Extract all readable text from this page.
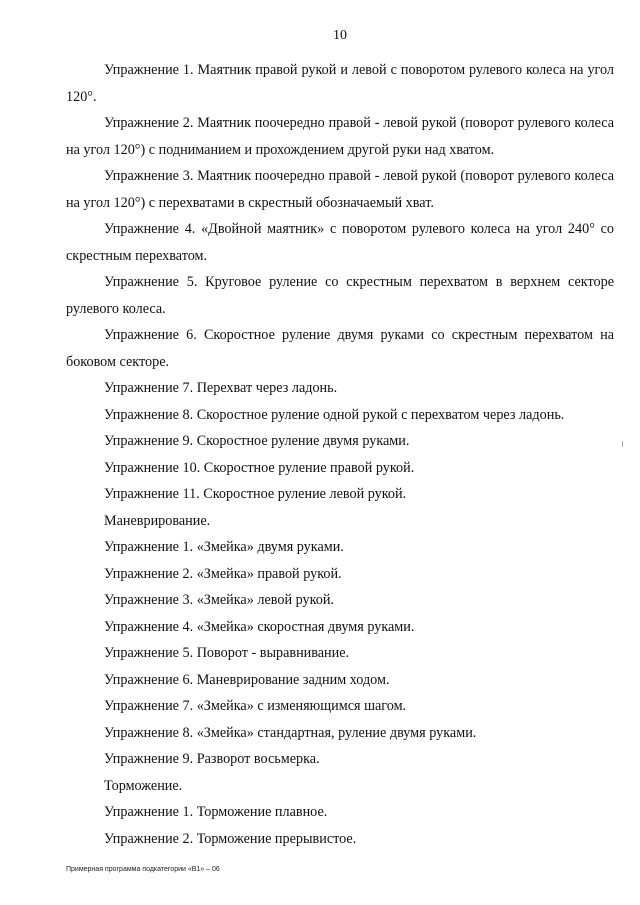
10

Упражнение 1. Маятник правой рукой и левой с поворотом рулевого колеса на угол 120°.

Упражнение 2. Маятник поочередно правой - левой рукой (поворот рулевого колеса на угол 120°) с подниманием и прохождением другой руки над хватом.

Упражнение 3. Маятник поочередно правой - левой рукой (поворот рулевого колеса на угол 120°) с перехватами в скрестный обозначаемый хват.

Упражнение 4. «Двойной маятник» с поворотом рулевого колеса на угол 240° со скрестным перехватом.

Упражнение 5. Круговое руление со скрестным перехватом в верхнем секторе рулевого колеса.

Упражнение 6. Скоростное руление двумя руками со скрестным перехватом на боковом секторе.

Упражнение 7. Перехват через ладонь.

Упражнение 8. Скоростное руление одной рукой с перехватом через ладонь.

Упражнение 9. Скоростное руление двумя руками.

Упражнение 10. Скоростное руление правой рукой.

Упражнение 11. Скоростное руление левой рукой.

Маневрирование.

Упражнение 1. «Змейка» двумя руками.

Упражнение 2. «Змейка» правой рукой.

Упражнение 3. «Змейка» левой рукой.

Упражнение 4. «Змейка» скоростная двумя руками.

Упражнение 5. Поворот - выравнивание.

Упражнение 6. Маневрирование задним ходом.

Упражнение 7. «Змейка» с изменяющимся шагом.

Упражнение 8. «Змейка» стандартная, руление двумя руками.

Упражнение 9. Разворот восьмерка.

Торможение.

Упражнение 1. Торможение плавное.

Упражнение 2. Торможение прерывистое.

Примерная программа подкатегории «B1» – 06
